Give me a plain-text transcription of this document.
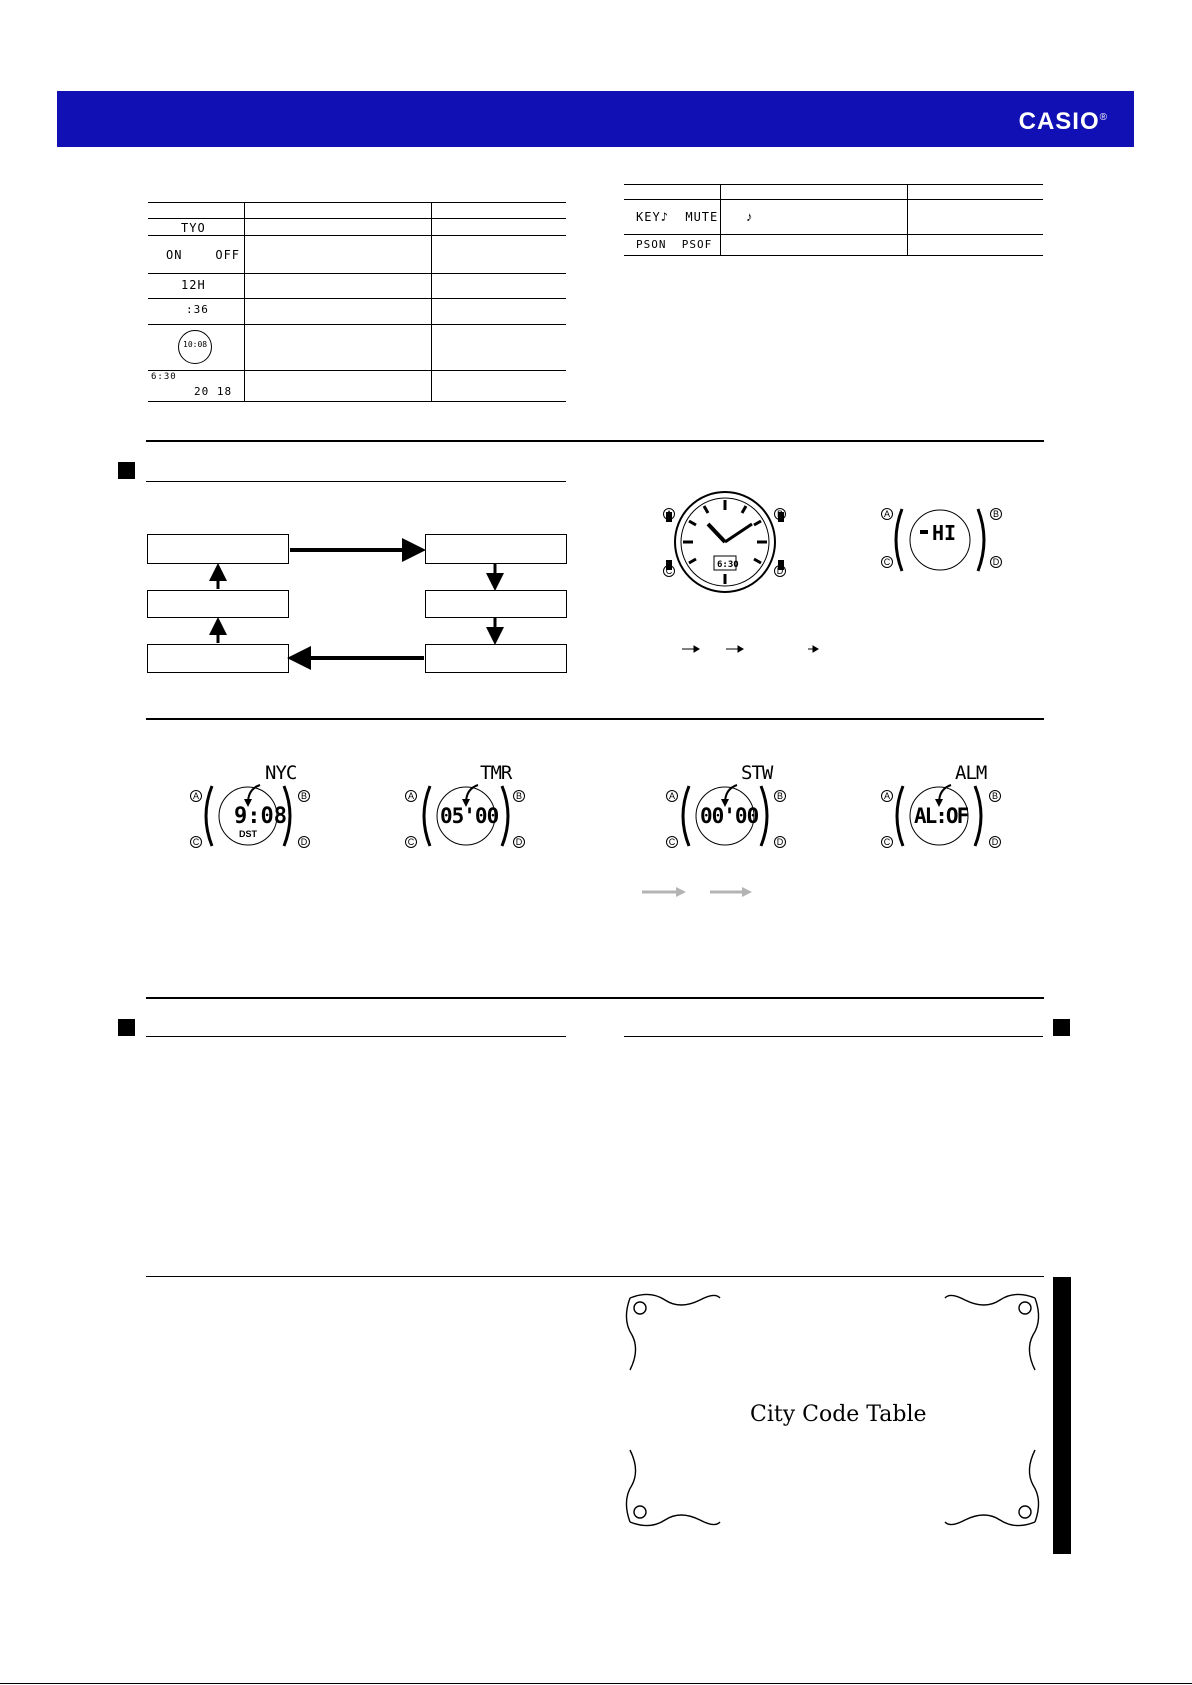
CASIO®
TYO
ON    OFF
12H
:36
10:08
6:30
20 18
KEY♪  MUTE ♪
PSON  PSOF
6:30
A	B
C	D
HI
A	B
C	D
NYC
9:08
DST
TMR
05'00
STW
00'00
ALM
AL:OF
A	B
C	D
A	B
C	D
A	B
C	D
A	B
C	D
City Code Table
